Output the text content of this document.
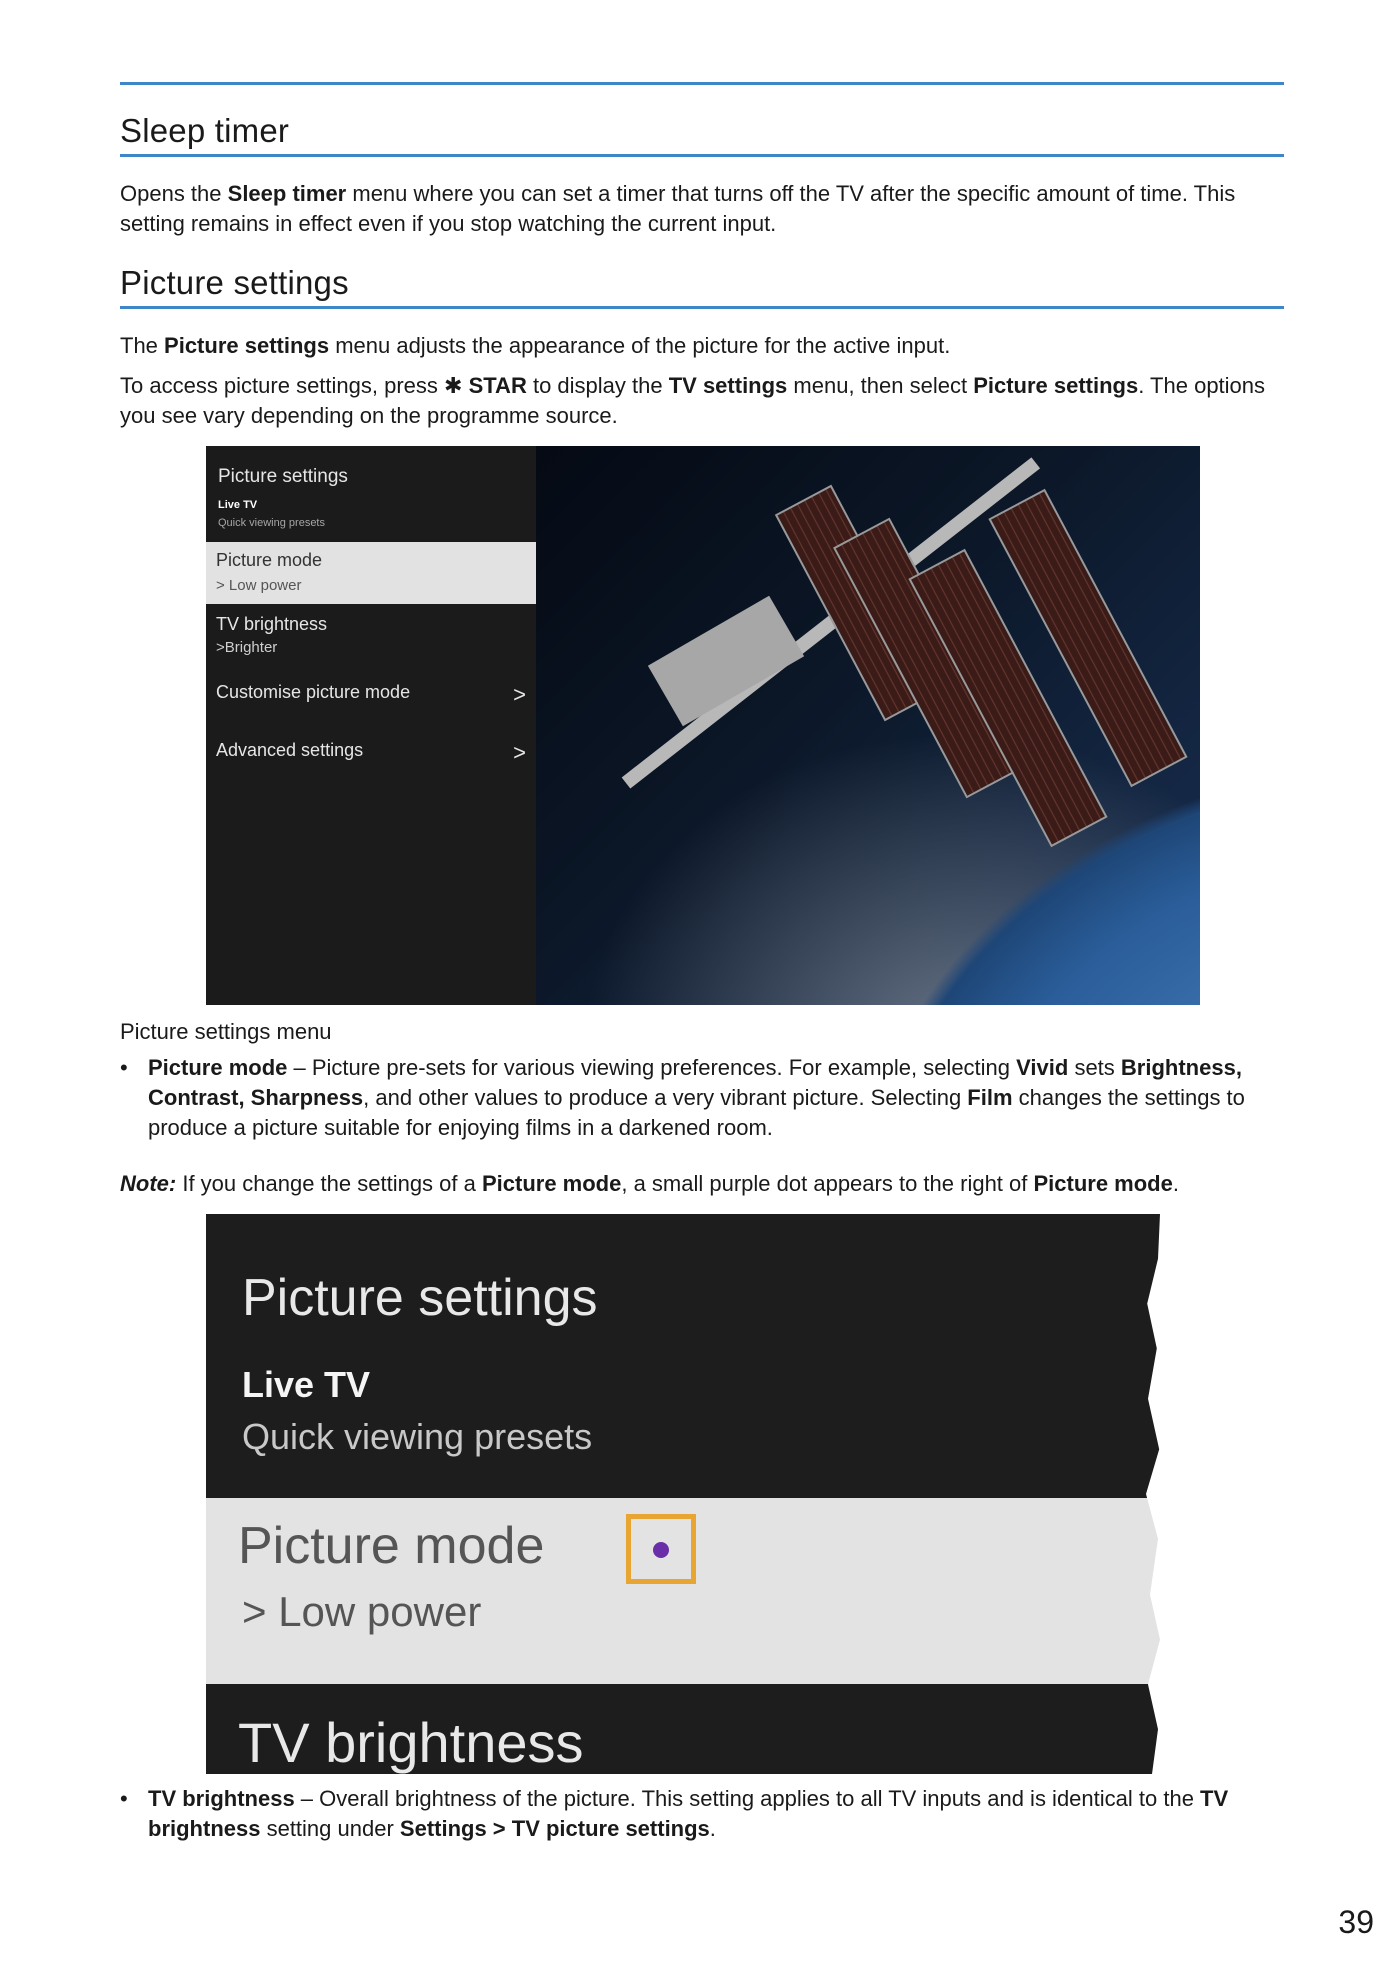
Sleep timer
Opens the Sleep timer menu where you can set a timer that turns off the TV after the specific amount of time. This setting remains in effect even if you stop watching the current input.
Picture settings
The Picture settings menu adjusts the appearance of the picture for the active input.
To access picture settings, press ✱ STAR to display the TV settings menu, then select Picture settings. The options you see vary depending on the programme source.
Picture settings
Live TV
Quick viewing presets
Picture mode
> Low power
TV brightness
>Brighter
Customise picture mode	>
Advanced settings	>
Picture settings menu
• Picture mode – Picture pre-sets for various viewing preferences. For example, selecting Vivid sets Brightness, Contrast, Sharpness, and other values to produce a very vibrant picture. Selecting Film changes the settings to produce a picture suitable for enjoying films in a darkened room.
Note: If you change the settings of a Picture mode, a small purple dot appears to the right of Picture mode.
Picture settings
Live TV
Quick viewing presets
Picture mode
> Low power
TV brightness
• TV brightness – Overall brightness of the picture. This setting applies to all TV inputs and is identical to the TV brightness setting under Settings > TV picture settings.
39
